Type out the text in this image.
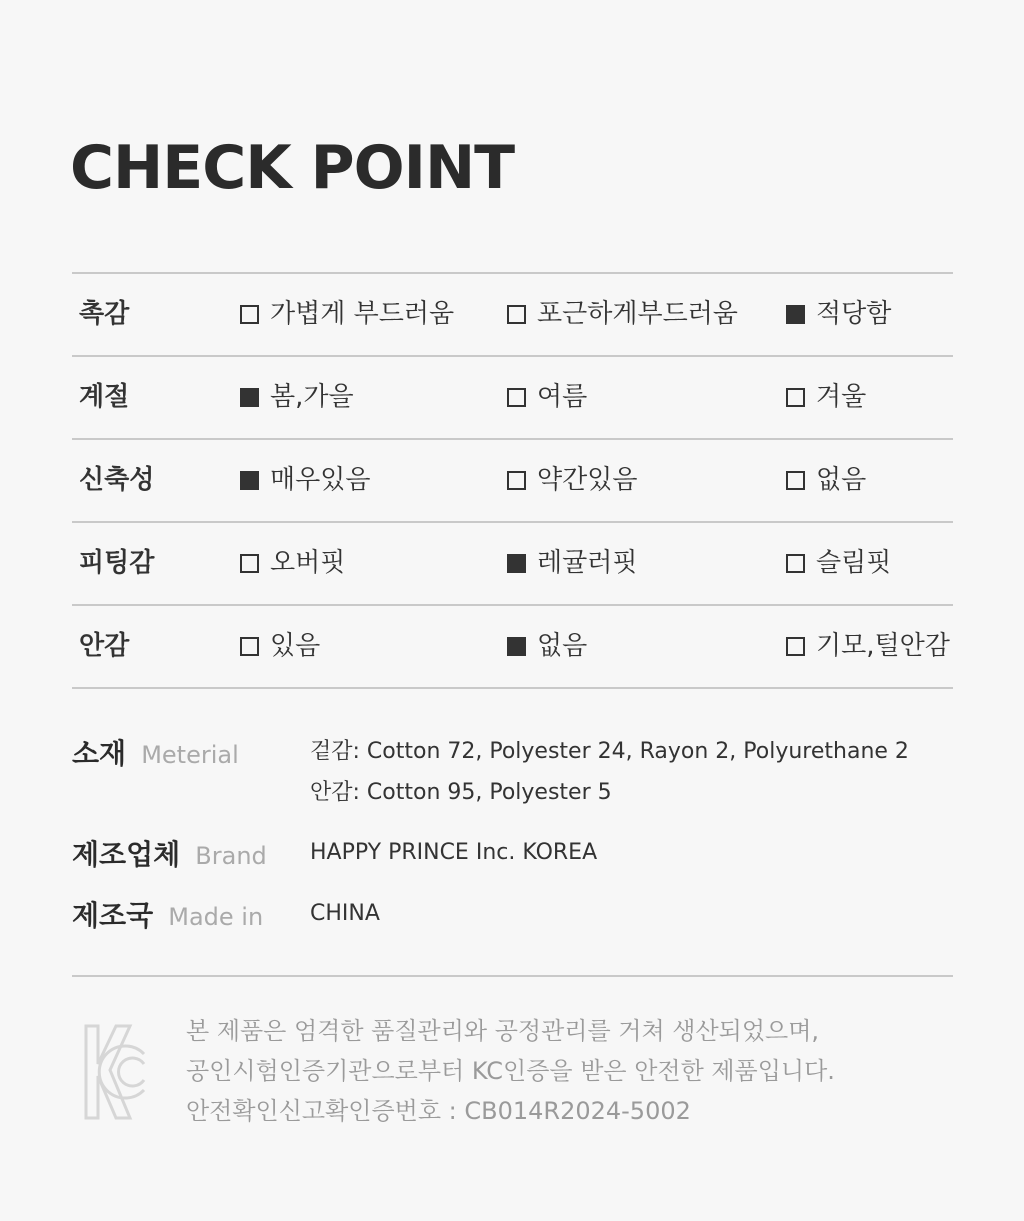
CHECK POINT
촉감	가볍게 부드러움	포근하게부드러움	적당함
계절	봄,가을	여름	겨울
신축성	매우있음	약간있음	없음
피팅감	오버핏	레귤러핏	슬림핏
안감	있음	없음	기모,털안감
소재 Meterial	겉감: Cotton 72, Polyester 24, Rayon 2, Polyurethane 2
안감: Cotton 95, Polyester 5
제조업체 Brand HAPPY PRINCE Inc. KOREA
제조국 Made in CHINA
본 제품은 엄격한 품질관리와 공정관리를 거쳐 생산되었으며,
공인시험인증기관으로부터 KC인증을 받은 안전한 제품입니다.
안전확인신고확인증번호 : CB014R2024-5002
